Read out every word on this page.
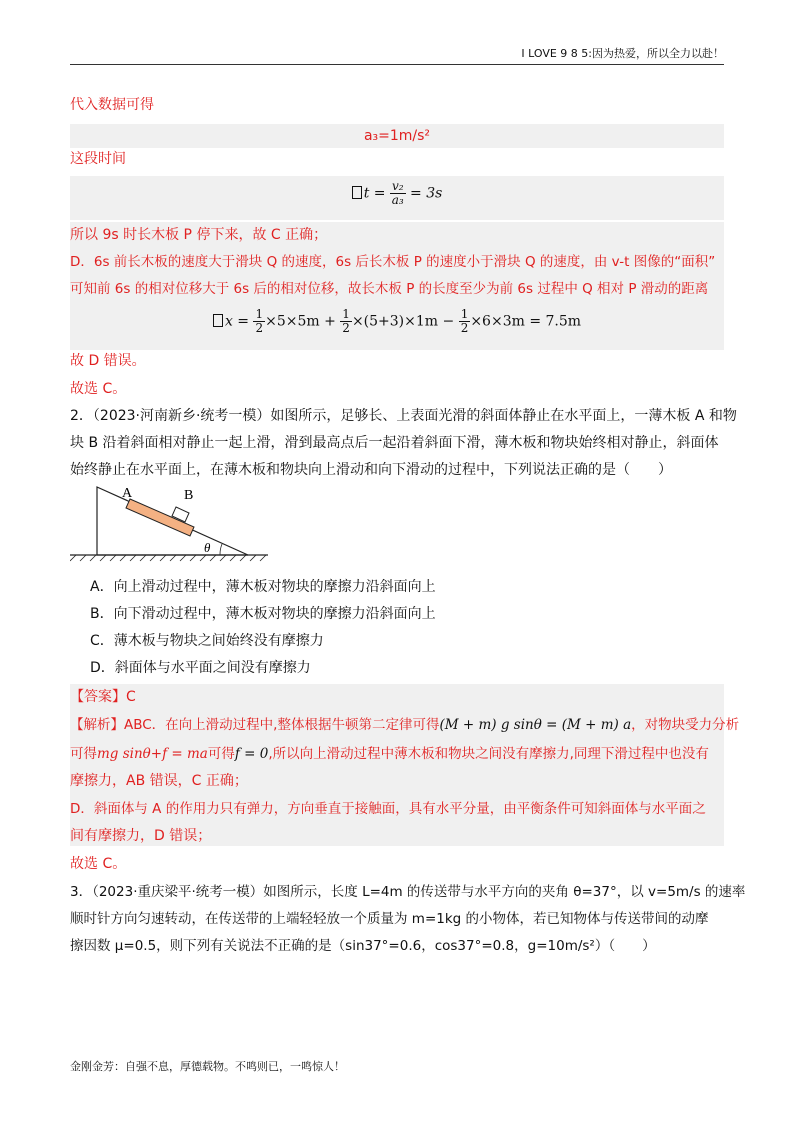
I LOVE 9 8 5:因为热爱，所以全力以赴！
代入数据可得
a₃=1m/s²
这段时间
$t = \frac{\text{v₂}}{\text{a₃}} = 3s$
所以 9s 时长木板 P 停下来，故 C 正确；
D．6s 前长木板的速度大于滑块 Q 的速度，6s 后长木板 P 的速度小于滑块 Q 的速度，由 v-t 图像的“面积”
可知前 6s 的相对位移大于 6s 后的相对位移，故长木板 P 的长度至少为前 6s 过程中 Q 相对 P 滑动的距离
$x = \frac{1}{2} \times 5\times 5m + \frac{1}{2} \times(5+3)\times 1m - \frac{1}{2} \times 6\times 3m = 7.5m$
故 D 错误。
故选 C。
2．（2023·河南新乡·统考一模）如图所示，足够长、上表面光滑的斜面体静止在水平面上，一薄木板 A 和物
块 B 沿着斜面相对静止一起上滑，滑到最高点后一起沿着斜面下滑，薄木板和物块始终相对静止，斜面体
始终静止在水平面上，在薄木板和物块向上滑动和向下滑动的过程中，下列说法正确的是（　　）
A	B
θ
A．向上滑动过程中，薄木板对物块的摩擦力沿斜面向上
B．向下滑动过程中，薄木板对物块的摩擦力沿斜面向上
C．薄木板与物块之间始终没有摩擦力
D．斜面体与水平面之间没有摩擦力
【答案】C
【解析】ABC．在向上滑动过程中,整体根据牛顿第二定律可得(M + m) g sinθ = (M + m) a，对物块受力分析
可得mg sinθ+f = ma可得f = 0,所以向上滑动过程中薄木板和物块之间没有摩擦力,同理下滑过程中也没有
摩擦力，AB 错误，C 正确；
D．斜面体与 A 的作用力只有弹力，方向垂直于接触面，具有水平分量，由平衡条件可知斜面体与水平面之
间有摩擦力，D 错误；
故选 C。
3．（2023·重庆梁平·统考一模）如图所示，长度 L=4m 的传送带与水平方向的夹角 θ=37°，以 v=5m/s 的速率
顺时针方向匀速转动，在传送带的上端轻轻放一个质量为 m=1kg 的小物体，若已知物体与传送带间的动摩
擦因数 μ=0.5，则下列有关说法不正确的是（sin37°=0.6，cos37°=0.8，g=10m/s²）（　　）
金刚金芳：自强不息，厚德载物。不鸣则已，一鸣惊人！
